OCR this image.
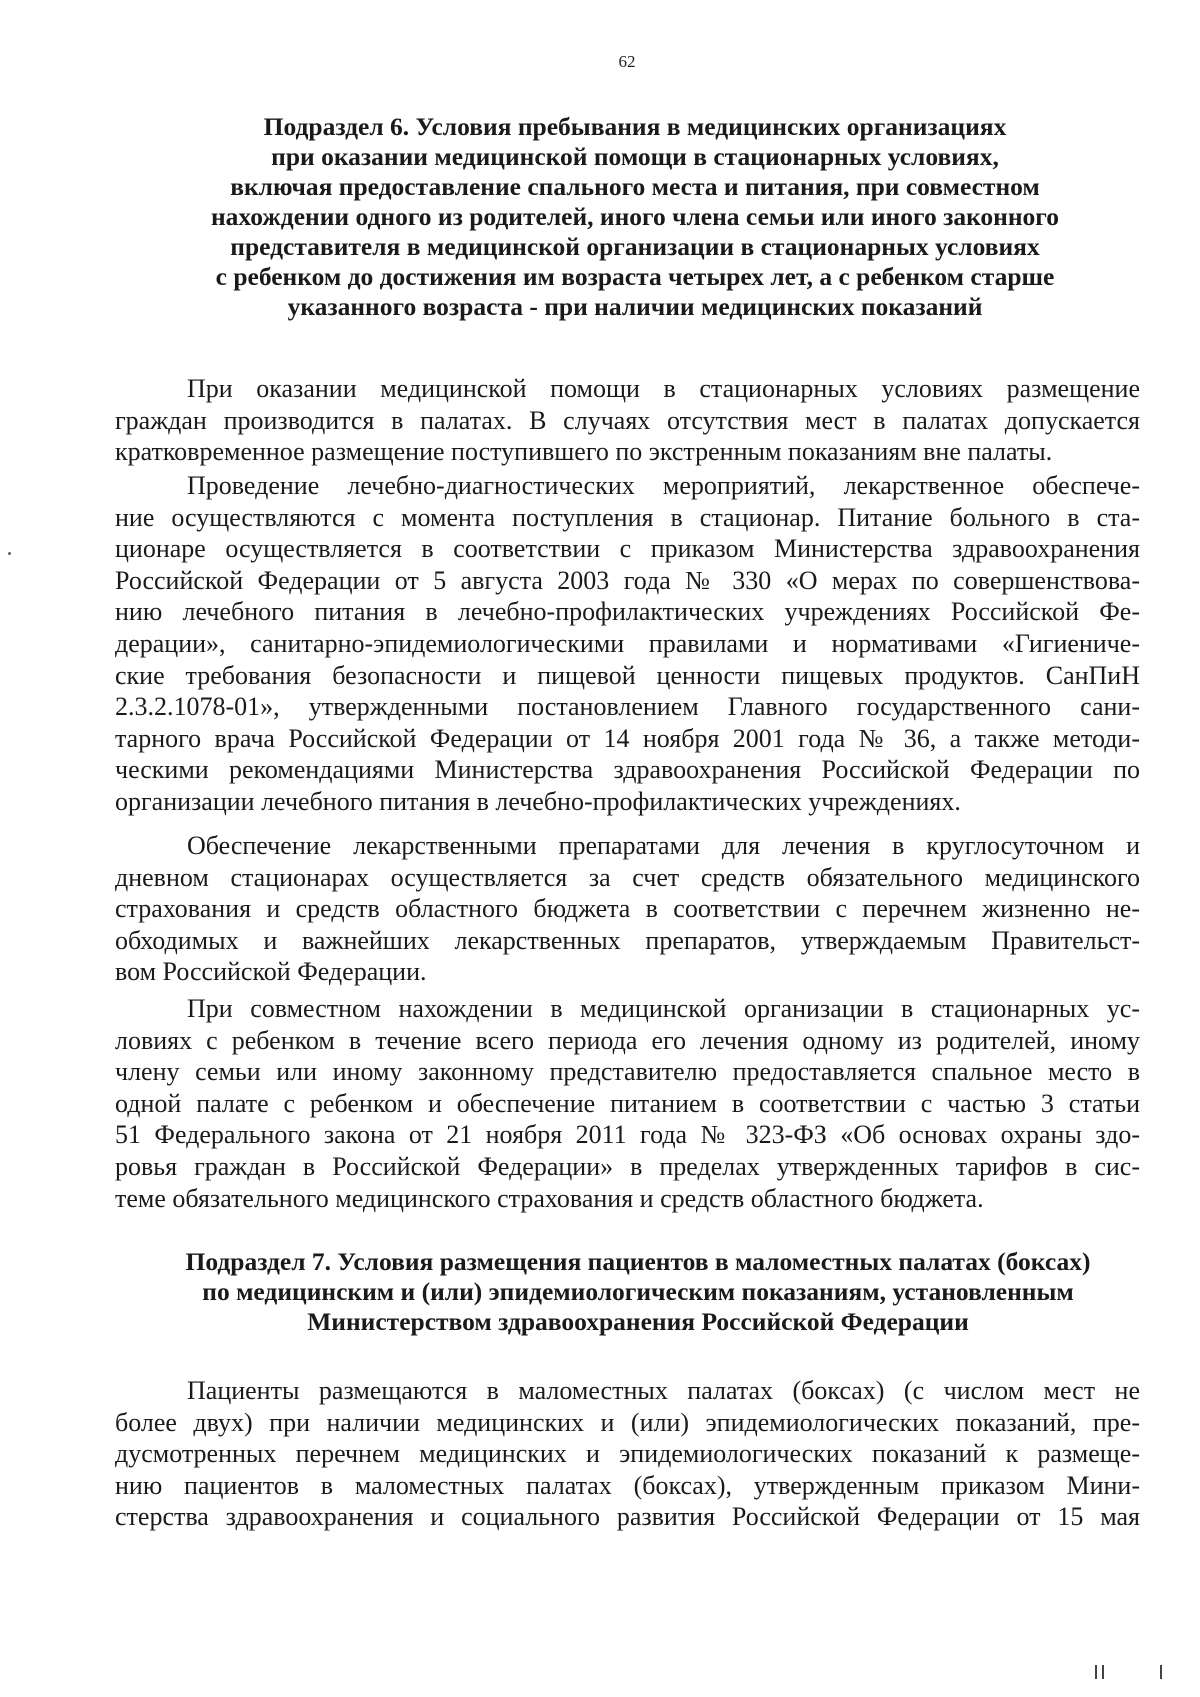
62
Подраздел 6. Условия пребывания в медицинских организациях
при оказании медицинской помощи в стационарных условиях,
включая предоставление спального места и питания, при совместном
нахождении одного из родителей, иного члена семьи или иного законного
представителя в медицинской организации в стационарных условиях
с ребенком до достижения им возраста четырех лет, а с ребенком старше
указанного возраста - при наличии медицинских показаний
При оказании медицинской помощи в стационарных условиях размещение
граждан производится в палатах. В случаях отсутствия мест в палатах допускается
кратковременное размещение поступившего по экстренным показаниям вне палаты.
Проведение лечебно-диагностических мероприятий, лекарственное обеспече-
ние осуществляются с момента поступления в стационар. Питание больного в ста-
ционаре осуществляется в соответствии с приказом Министерства здравоохранения
Российской Федерации от 5 августа 2003 года № 330 «О мерах по совершенствова-
нию лечебного питания в лечебно-профилактических учреждениях Российской Фе-
дерации», санитарно-эпидемиологическими правилами и нормативами «Гигиениче-
ские требования безопасности и пищевой ценности пищевых продуктов. СанПиН
2.3.2.1078-01», утвержденными постановлением Главного государственного сани-
тарного врача Российской Федерации от 14 ноября 2001 года № 36, а также методи-
ческими рекомендациями Министерства здравоохранения Российской Федерации по
организации лечебного питания в лечебно-профилактических учреждениях.
Обеспечение лекарственными препаратами для лечения в круглосуточном и
дневном стационарах осуществляется за счет средств обязательного медицинского
страхования и средств областного бюджета в соответствии с перечнем жизненно не-
обходимых и важнейших лекарственных препаратов, утверждаемым Правительст-
вом Российской Федерации.
При совместном нахождении в медицинской организации в стационарных ус-
ловиях с ребенком в течение всего периода его лечения одному из родителей, иному
члену семьи или иному законному представителю предоставляется спальное место в
одной палате с ребенком и обеспечение питанием в соответствии с частью 3 статьи
51 Федерального закона от 21 ноября 2011 года № 323-ФЗ «Об основах охраны здо-
ровья граждан в Российской Федерации» в пределах утвержденных тарифов в сис-
теме обязательного медицинского страхования и средств областного бюджета.
Подраздел 7. Условия размещения пациентов в маломестных палатах (боксах)
по медицинским и (или) эпидемиологическим показаниям, установленным
Министерством здравоохранения Российской Федерации
Пациенты размещаются в маломестных палатах (боксах) (с числом мест не
более двух) при наличии медицинских и (или) эпидемиологических показаний, пре-
дусмотренных перечнем медицинских и эпидемиологических показаний к размеще-
нию пациентов в маломестных палатах (боксах), утвержденным приказом Мини-
стерства здравоохранения и социального развития Российской Федерации от 15 мая
